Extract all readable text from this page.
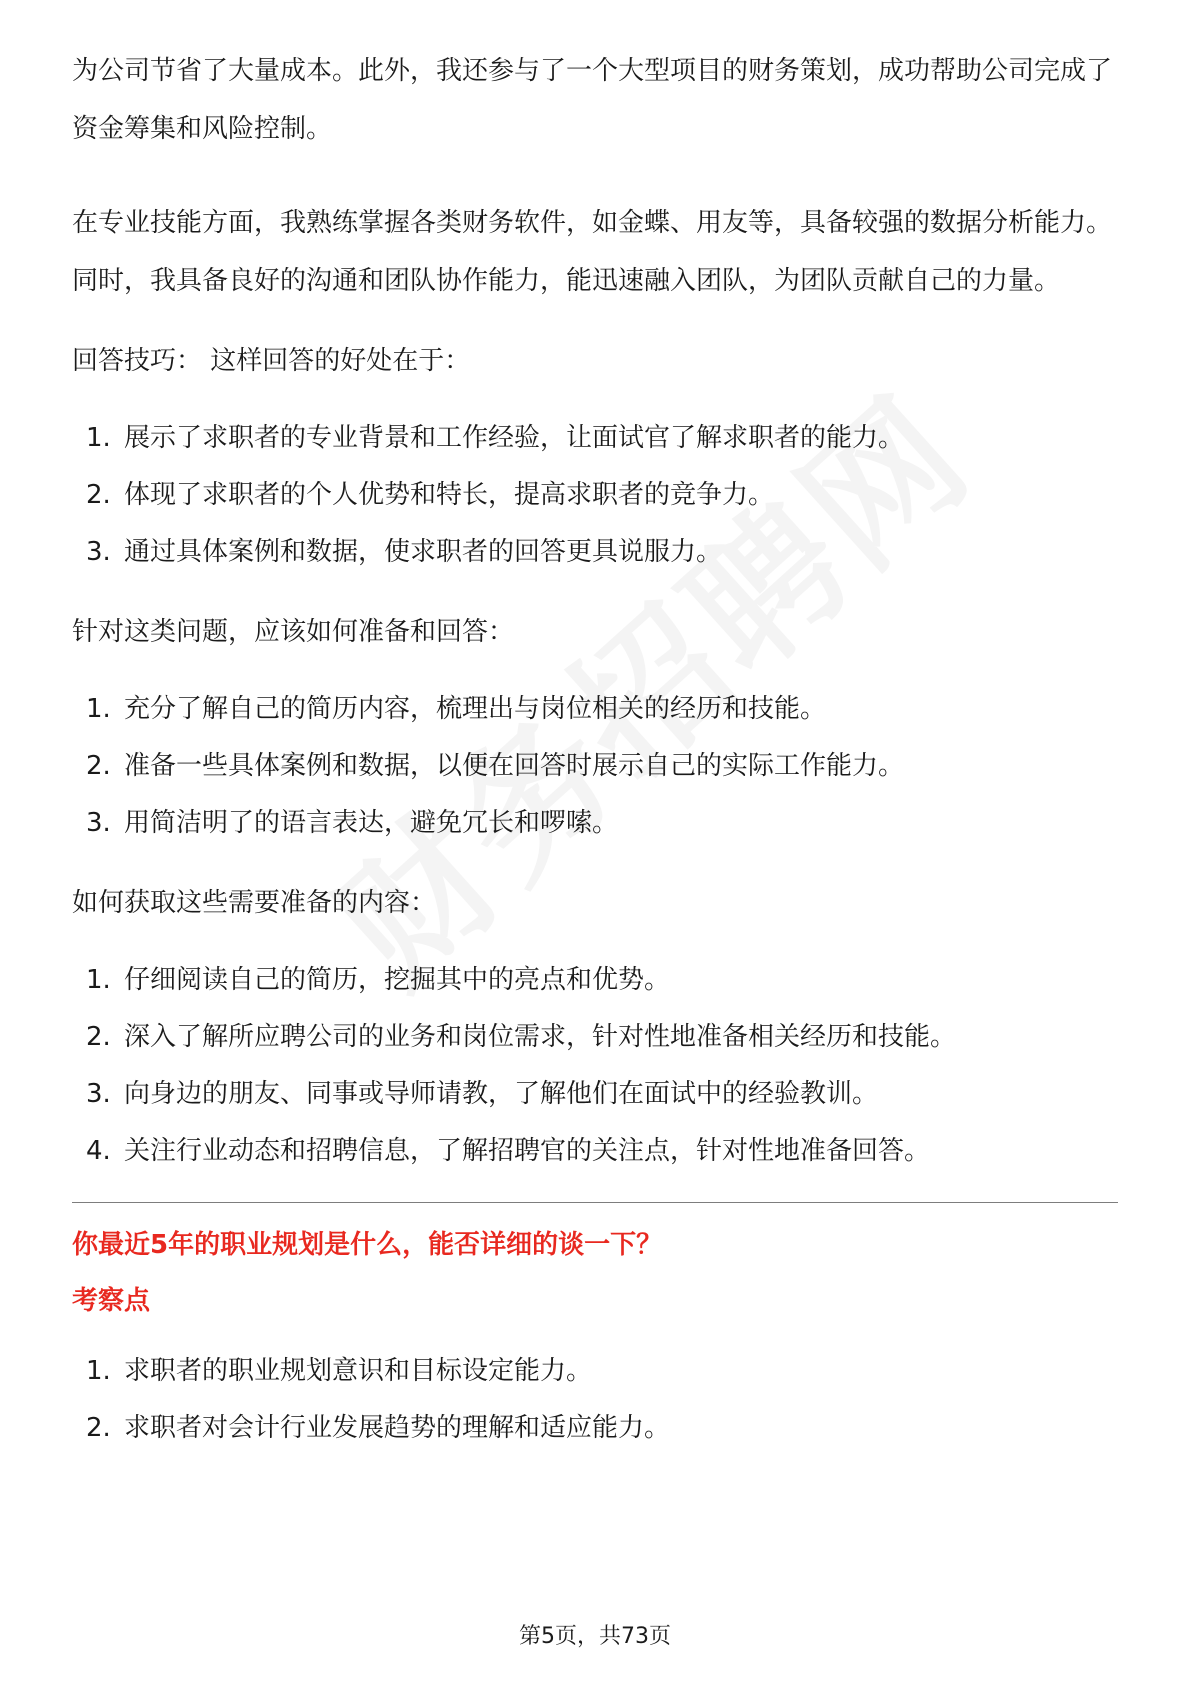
为公司节省了大量成本。此外，我还参与了一个大型项目的财务策划，成功帮助公司完成了资金筹集和风险控制。

在专业技能方面，我熟练掌握各类财务软件，如金蝶、用友等，具备较强的数据分析能力。同时，我具备良好的沟通和团队协作能力，能迅速融入团队，为团队贡献自己的力量。

回答技巧： 这样回答的好处在于：

1. 展示了求职者的专业背景和工作经验，让面试官了解求职者的能力。
2. 体现了求职者的个人优势和特长，提高求职者的竞争力。
3. 通过具体案例和数据，使求职者的回答更具说服力。

针对这类问题，应该如何准备和回答：

1. 充分了解自己的简历内容，梳理出与岗位相关的经历和技能。
2. 准备一些具体案例和数据，以便在回答时展示自己的实际工作能力。
3. 用简洁明了的语言表达，避免冗长和啰嗦。

如何获取这些需要准备的内容：

1. 仔细阅读自己的简历，挖掘其中的亮点和优势。
2. 深入了解所应聘公司的业务和岗位需求，针对性地准备相关经历和技能。
3. 向身边的朋友、同事或导师请教，了解他们在面试中的经验教训。
4. 关注行业动态和招聘信息，了解招聘官的关注点，针对性地准备回答。

你最近5年的职业规划是什么，能否详细的谈一下？

考察点

1. 求职者的职业规划意识和目标设定能力。
2. 求职者对会计行业发展趋势的理解和适应能力。
第5页，共73页
